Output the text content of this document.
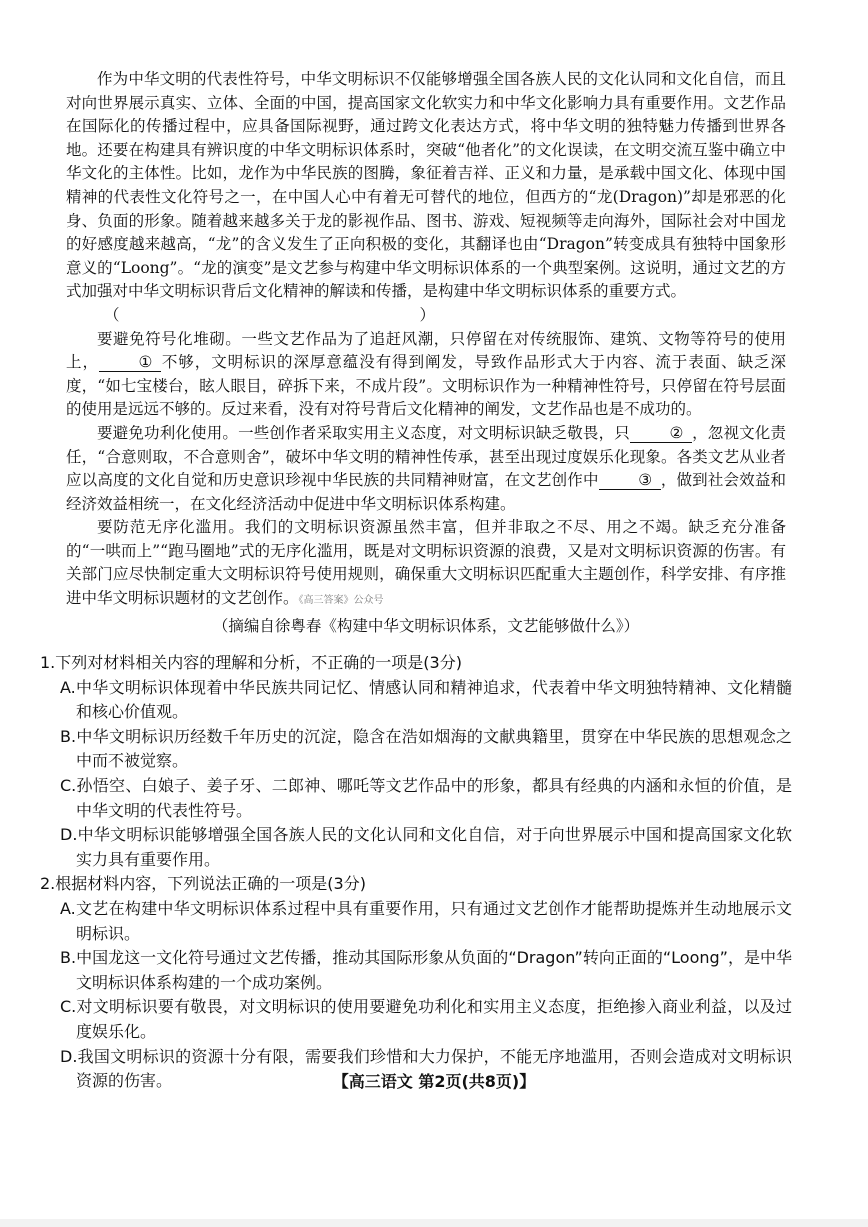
作为中华文明的代表性符号，中华文明标识不仅能够增强全国各族人民的文化认同和文化自信，而且对向世界展示真实、立体、全面的中国，提高国家文化软实力和中华文化影响力具有重要作用。文艺作品在国际化的传播过程中，应具备国际视野，通过跨文化表达方式，将中华文明的独特魅力传播到世界各地。还要在构建具有辨识度的中华文明标识体系时，突破“他者化”的文化误读，在文明交流互鉴中确立中华文化的主体性。比如，龙作为中华民族的图腾，象征着吉祥、正义和力量，是承载中国文化、体现中国精神的代表性文化符号之一，在中国人心中有着无可替代的地位，但西方的“龙(Dragon)”却是邪恶的化身、负面的形象。随着越来越多关于龙的影视作品、图书、游戏、短视频等走向海外，国际社会对中国龙的好感度越来越高，“龙”的含义发生了正向积极的变化，其翻译也由“Dragon”转变成具有独特中国象形意义的“Loong”。“龙的演变”是文艺参与构建中华文明标识体系的一个典型案例。这说明，通过文艺的方式加强对中华文明标识背后文化精神的解读和传播，是构建中华文明标识体系的重要方式。

（	）

要避免符号化堆砌。一些文艺作品为了追赶风潮，只停留在对传统服饰、建筑、文物等符号的使用上，	① 不够，文明标识的深厚意蕴没有得到阐发，导致作品形式大于内容、流于表面、缺乏深度，“如七宝楼台，眩人眼目，碎拆下来，不成片段”。文明标识作为一种精神性符号，只停留在符号层面的使用是远远不够的。反过来看，没有对符号背后文化精神的阐发，文艺作品也是不成功的。

要避免功利化使用。一些创作者采取实用主义态度，对文明标识缺乏敬畏，只	② ，忽视文化责任，“合意则取，不合意则舍”，破坏中华文明的精神性传承，甚至出现过度娱乐化现象。各类文艺从业者应以高度的文化自觉和历史意识珍视中华民族的共同精神财富，在文艺创作中	③ ，做到社会效益和经济效益相统一，在文化经济活动中促进中华文明标识体系构建。

要防范无序化滥用。我们的文明标识资源虽然丰富，但并非取之不尽、用之不竭。缺乏充分准备的“一哄而上”“跑马圈地”式的无序化滥用，既是对文明标识资源的浪费，又是对文明标识资源的伤害。有关部门应尽快制定重大文明标识符号使用规则，确保重大文明标识匹配重大主题创作，科学安排、有序推进中华文明标识题材的文艺创作。《高三答案》公众号

（摘编自徐粤春《构建中华文明标识体系，文艺能够做什么》）

1.下列对材料相关内容的理解和分析，不正确的一项是(3分)

A.中华文明标识体现着中华民族共同记忆、情感认同和精神追求，代表着中华文明独特精神、文化精髓和核心价值观。

B.中华文明标识历经数千年历史的沉淀，隐含在浩如烟海的文献典籍里，贯穿在中华民族的思想观念之中而不被觉察。

C.孙悟空、白娘子、姜子牙、二郎神、哪吒等文艺作品中的形象，都具有经典的内涵和永恒的价值，是中华文明的代表性符号。

D.中华文明标识能够增强全国各族人民的文化认同和文化自信，对于向世界展示中国和提高国家文化软实力具有重要作用。

2.根据材料内容，下列说法正确的一项是(3分)

A.文艺在构建中华文明标识体系过程中具有重要作用，只有通过文艺创作才能帮助提炼并生动地展示文明标识。

B.中国龙这一文化符号通过文艺传播，推动其国际形象从负面的“Dragon”转向正面的“Loong”，是中华文明标识体系构建的一个成功案例。

C.对文明标识要有敬畏，对文明标识的使用要避免功利化和实用主义态度，拒绝掺入商业利益，以及过度娱乐化。

D.我国文明标识的资源十分有限，需要我们珍惜和大力保护，不能无序地滥用，否则会造成对文明标识资源的伤害。	【高三语文 第2页(共8页)】
